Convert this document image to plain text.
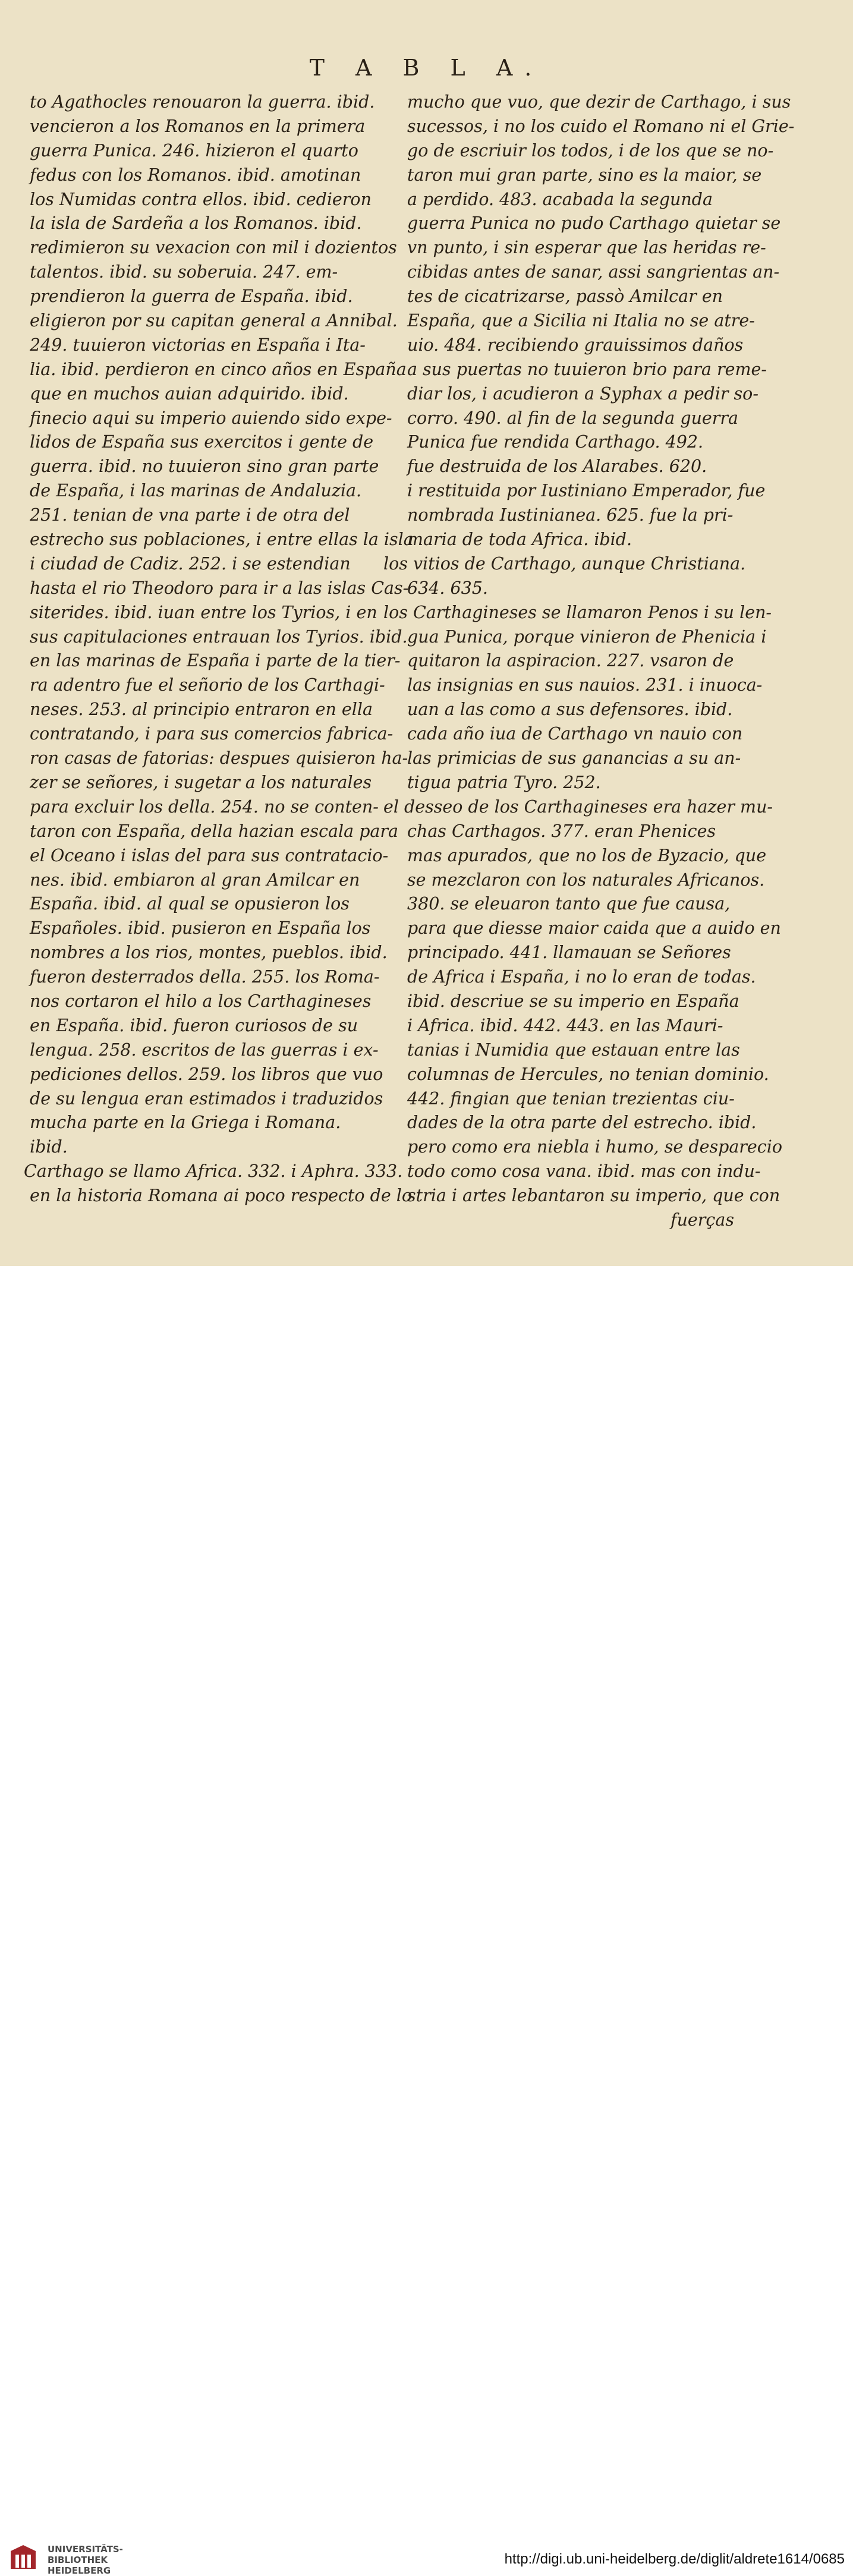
T A B L A.
to Agathocles renouaron la guerra. ibid.
vencieron a los Romanos en la primera
guerra Punica. 246. hizieron el quarto
fedus con los Romanos. ibid. amotinan
los Numidas contra ellos. ibid. cedieron
la isla de Sardeña a los Romanos. ibid.
redimieron su vexacion con mil i dozientos
talentos. ibid. su soberuia. 247. em-
prendieron la guerra de España. ibid.
eligieron por su capitan general a Annibal.
249. tuuieron victorias en España i Ita-
lia. ibid. perdieron en cinco años en España
que en muchos auian adquirido. ibid.
finecio aqui su imperio auiendo sido expe-
lidos de España sus exercitos i gente de
guerra. ibid. no tuuieron sino gran parte
de España, i las marinas de Andaluzia.
251. tenian de vna parte i de otra del
estrecho sus poblaciones, i entre ellas la isla
i ciudad de Cadiz. 252. i se estendian
hasta el rio Theodoro para ir a las islas Cas-
siterides. ibid. iuan entre los Tyrios, i en
sus capitulaciones entrauan los Tyrios. ibid.
en las marinas de España i parte de la tier-
ra adentro fue el señorio de los Carthagi-
neses. 253. al principio entraron en ella
contratando, i para sus comercios fabrica-
ron casas de fatorias: despues quisieron ha-
zer se señores, i sugetar a los naturales
para excluir los della. 254. no se conten-
taron con España, della hazian escala para
el Oceano i islas del para sus contratacio-
nes. ibid. embiaron al gran Amilcar en
España. ibid. al qual se opusieron los
Españoles. ibid. pusieron en España los
nombres a los rios, montes, pueblos. ibid.
fueron desterrados della. 255. los Roma-
nos cortaron el hilo a los Carthagineses
en España. ibid. fueron curiosos de su
lengua. 258. escritos de las guerras i ex-
pediciones dellos. 259. los libros que vuo
de su lengua eran estimados i traduzidos
mucha parte en la Griega i Romana.
ibid.
Carthago se llamo Africa. 332. i Aphra. 333.
en la historia Romana ai poco respecto de lo
mucho que vuo, que dezir de Carthago, i sus
sucessos, i no los cuido el Romano ni el Grie-
go de escriuir los todos, i de los que se no-
taron mui gran parte, sino es la maior, se
a perdido. 483. acabada la segunda
guerra Punica no pudo Carthago quietar se
vn punto, i sin esperar que las heridas re-
cibidas antes de sanar, assi sangrientas an-
tes de cicatrizarse, passò Amilcar en
España, que a Sicilia ni Italia no se atre-
uio. 484. recibiendo grauissimos daños
a sus puertas no tuuieron brio para reme-
diar los, i acudieron a Syphax a pedir so-
corro. 490. al fin de la segunda guerra
Punica fue rendida Carthago. 492.
fue destruida de los Alarabes. 620.
i restituida por Iustiniano Emperador, fue
nombrada Iustinianea. 625. fue la pri-
maria de toda Africa. ibid.
los vitios de Carthago, aunque Christiana.
634. 635.
los Carthagineses se llamaron Penos i su len-
gua Punica, porque vinieron de Phenicia i
quitaron la aspiracion. 227. vsaron de
las insignias en sus nauios. 231. i inuoca-
uan a las como a sus defensores. ibid.
cada año iua de Carthago vn nauio con
las primicias de sus ganancias a su an-
tigua patria Tyro. 252.
el desseo de los Carthagineses era hazer mu-
chas Carthagos. 377. eran Phenices
mas apurados, que no los de Byzacio, que
se mezclaron con los naturales Africanos.
380. se eleuaron tanto que fue causa,
para que diesse maior caida que a auido en
principado. 441. llamauan se Señores
de Africa i España, i no lo eran de todas.
ibid. descriue se su imperio en España
i Africa. ibid. 442. 443. en las Mauri-
tanias i Numidia que estauan entre las
columnas de Hercules, no tenian dominio.
442. fingian que tenian trezientas ciu-
dades de la otra parte del estrecho. ibid.
pero como era niebla i humo, se desparecio
todo como cosa vana. ibid. mas con indu-
stria i artes lebantaron su imperio, que con
fuerças
UNIVERSITÄTS-
BIBLIOTHEK
HEIDELBERG
http://digi.ub.uni-heidelberg.de/diglit/aldrete1614/0685
